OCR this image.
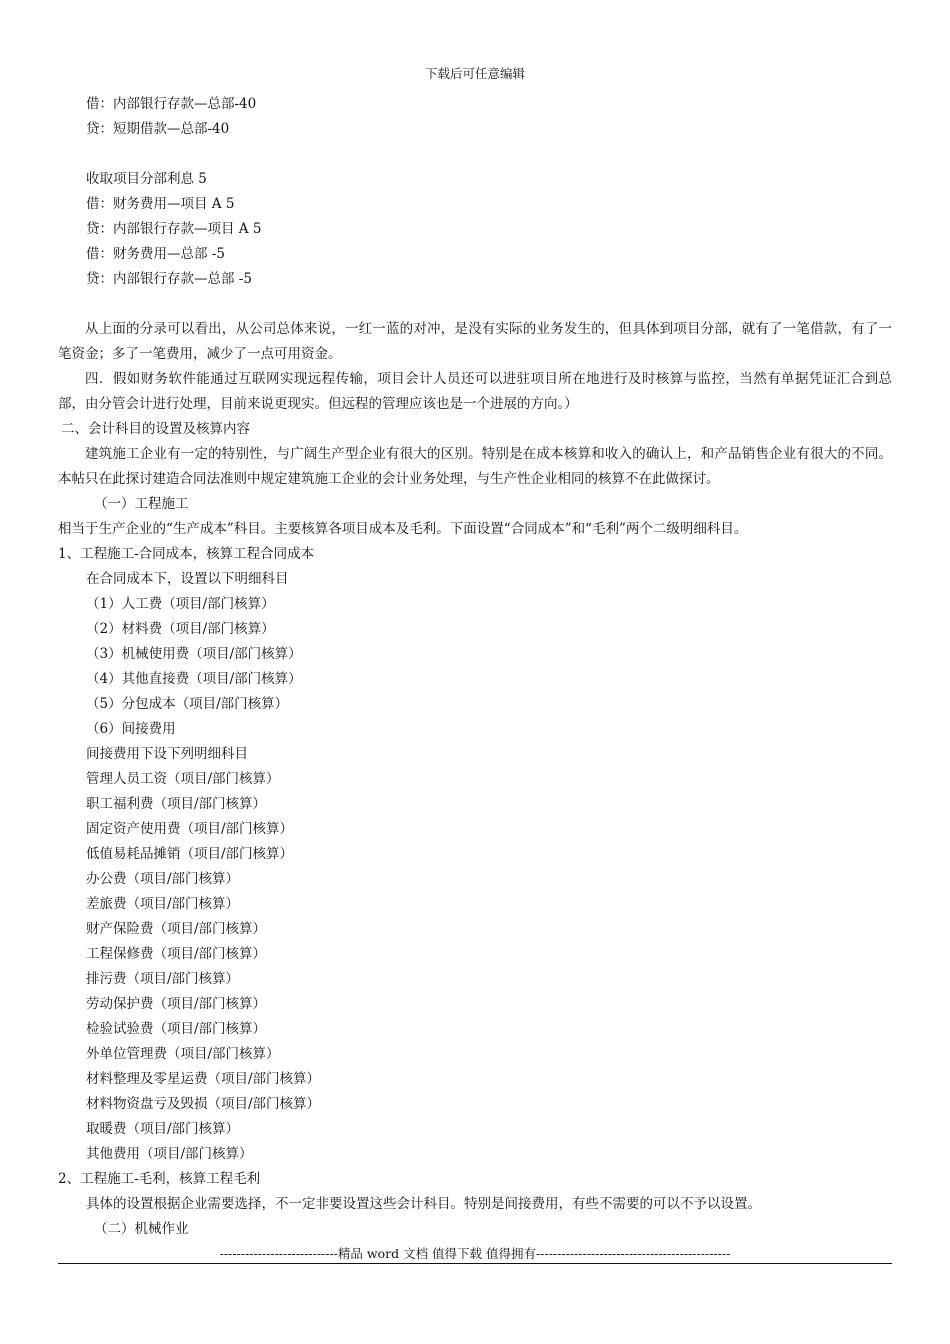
下载后可任意编辑
借：内部银行存款—总部-40
贷：短期借款—总部-40
收取项目分部利息 5
借：财务费用—项目 A 5
贷：内部银行存款—项目 A 5
借：财务费用—总部 -5
贷：内部银行存款—总部 -5
从上面的分录可以看出，从公司总体来说，一红一蓝的对冲，是没有实际的业务发生的，但具体到项目分部，就有了一笔借款，有了一笔资金；多了一笔费用，减少了一点可用资金。
四．假如财务软件能通过互联网实现远程传输，项目会计人员还可以进驻项目所在地进行及时核算与监控，当然有单据凭证汇合到总部，由分管会计进行处理，目前来说更现实。但远程的管理应该也是一个进展的方向。）
二、会计科目的设置及核算内容
建筑施工企业有一定的特别性，与广阔生产型企业有很大的区别。特别是在成本核算和收入的确认上，和产品销售企业有很大的不同。本帖只在此探讨建造合同法准则中规定建筑施工企业的会计业务处理，与生产性企业相同的核算不在此做探讨。
（一）工程施工
相当于生产企业的“生产成本”科目。主要核算各项目成本及毛利。下面设置“合同成本”和“毛利”两个二级明细科目。
1、工程施工-合同成本，核算工程合同成本
在合同成本下，设置以下明细科目
（1）人工费（项目/部门核算）
（2）材料费（项目/部门核算）
（3）机械使用费（项目/部门核算）
（4）其他直接费（项目/部门核算）
（5）分包成本（项目/部门核算）
（6）间接费用
间接费用下设下列明细科目
管理人员工资（项目/部门核算）
职工福利费（项目/部门核算）
固定资产使用费（项目/部门核算）
低值易耗品摊销（项目/部门核算）
办公费（项目/部门核算）
差旅费（项目/部门核算）
财产保险费（项目/部门核算）
工程保修费（项目/部门核算）
排污费（项目/部门核算）
劳动保护费（项目/部门核算）
检验试验费（项目/部门核算）
外单位管理费（项目/部门核算）
材料整理及零星运费（项目/部门核算）
材料物资盘亏及毁损（项目/部门核算）
取暖费（项目/部门核算）
其他费用（项目/部门核算）
2、工程施工-毛利，核算工程毛利
具体的设置根据企业需要选择，不一定非要设置这些会计科目。特别是间接费用，有些不需要的可以不予以设置。
（二）机械作业
----------------------------精品 word 文档 值得下载 值得拥有----------------------------------------------
